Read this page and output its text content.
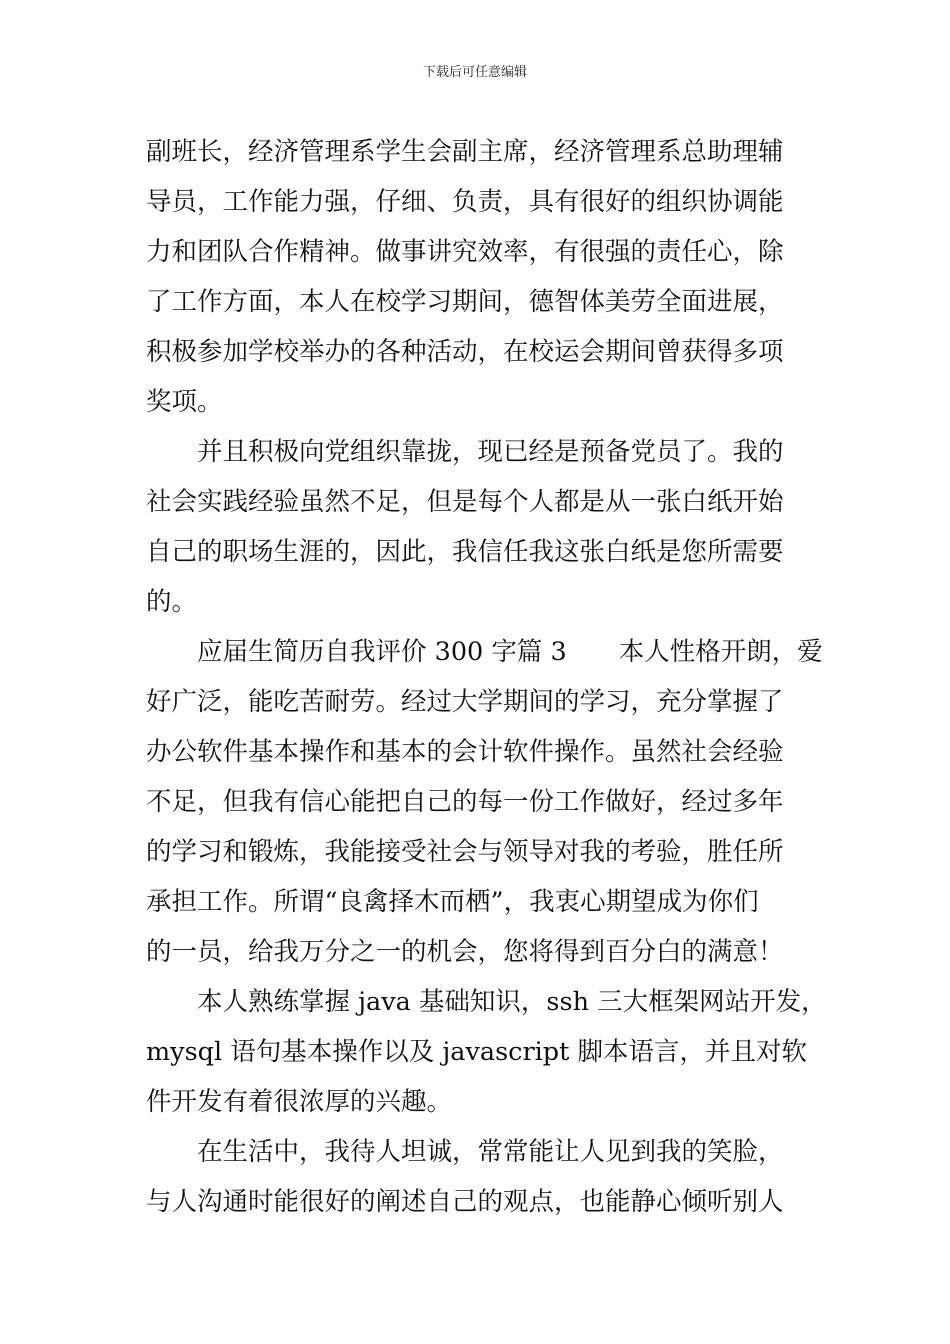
下载后可任意编辑
副班长，经济管理系学生会副主席，经济管理系总助理辅
导员，工作能力强，仔细、负责，具有很好的组织协调能
力和团队合作精神。做事讲究效率，有很强的责任心，除
了工作方面，本人在校学习期间，德智体美劳全面进展，
积极参加学校举办的各种活动，在校运会期间曾获得多项
奖项。
并且积极向党组织靠拢，现已经是预备党员了。我的
社会实践经验虽然不足，但是每个人都是从一张白纸开始
自己的职场生涯的，因此，我信任我这张白纸是您所需要
的。
应届生简历自我评价 300 字篇 3 本人性格开朗，爱
好广泛，能吃苦耐劳。经过大学期间的学习，充分掌握了
办公软件基本操作和基本的会计软件操作。虽然社会经验
不足，但我有信心能把自己的每一份工作做好，经过多年
的学习和锻炼，我能接受社会与领导对我的考验，胜任所
承担工作。所谓“良禽择木而栖”，我衷心期望成为你们
的一员，给我万分之一的机会，您将得到百分白的满意！
本人熟练掌握 java 基础知识，ssh 三大框架网站开发，
mysql 语句基本操作以及 javascript 脚本语言，并且对软
件开发有着很浓厚的兴趣。
在生活中，我待人坦诚，常常能让人见到我的笑脸，
与人沟通时能很好的阐述自己的观点，也能静心倾听别人
